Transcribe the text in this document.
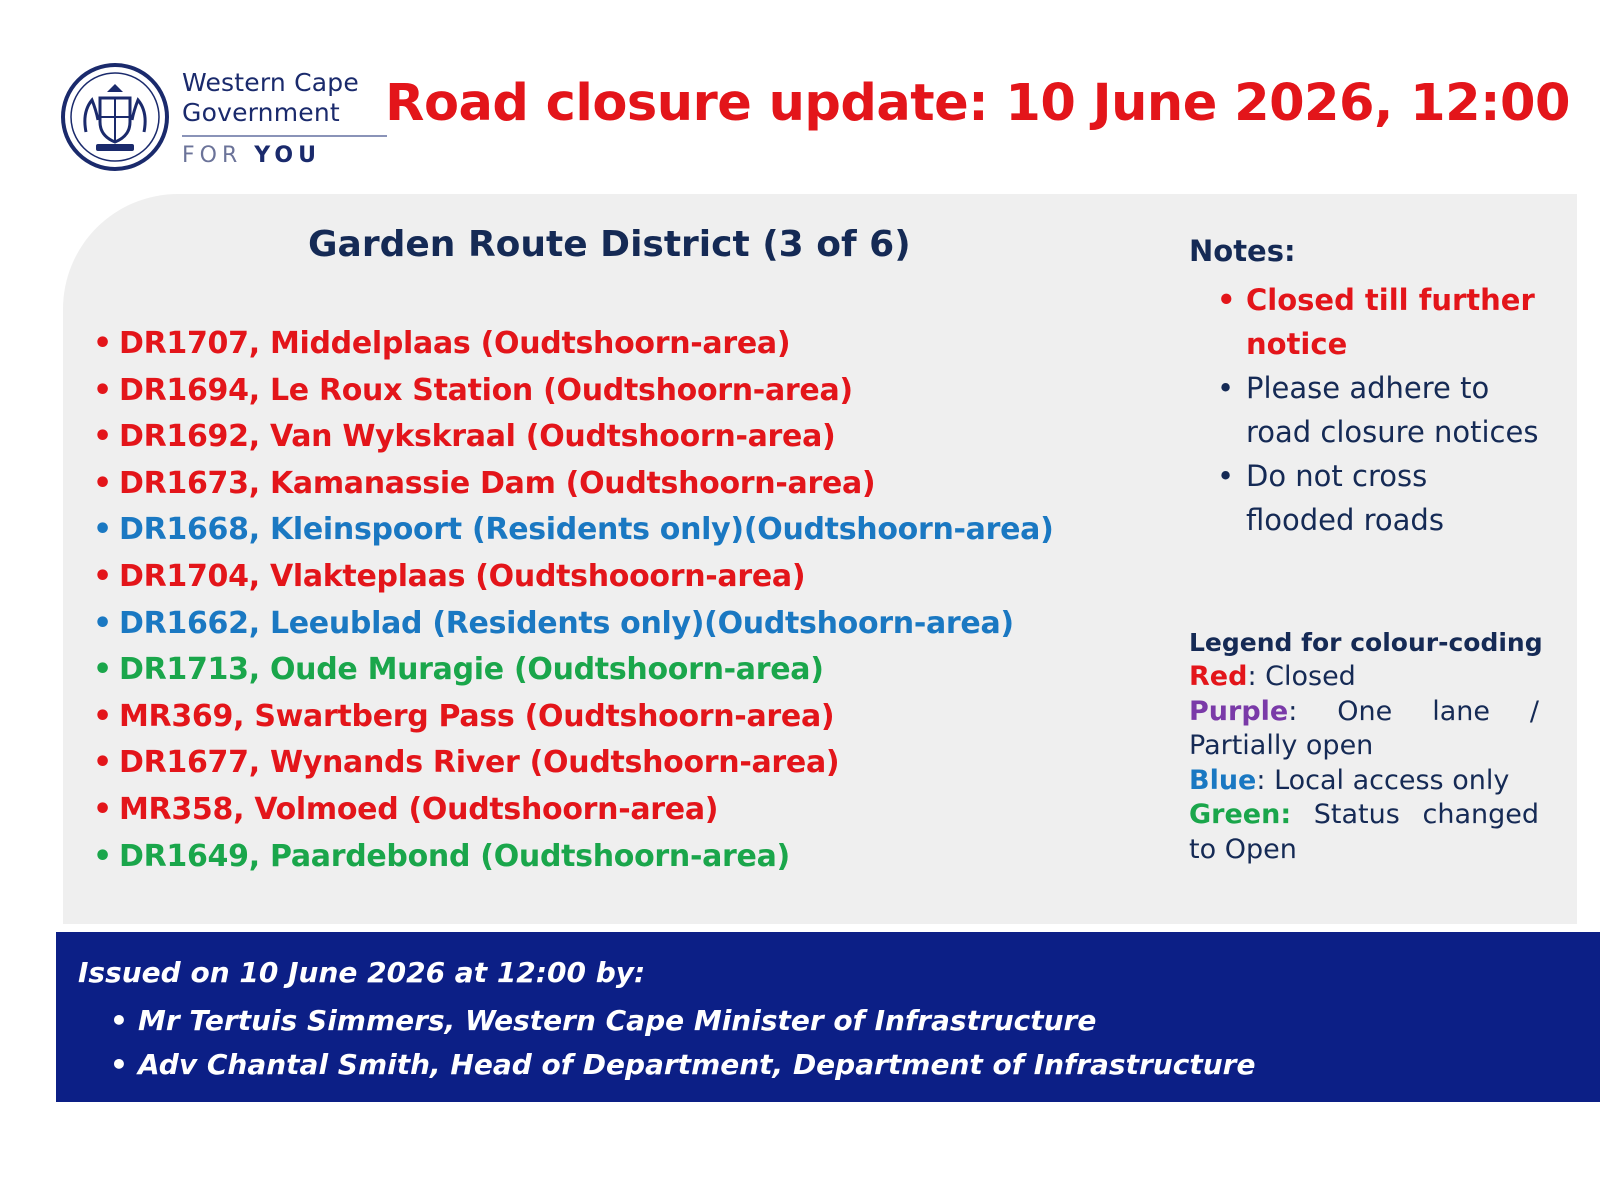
Western Cape
Government
FOR YOU
Road closure update: 10 June 2026, 12:00
Garden Route District (3 of 6)
• DR1707, Middelplaas (Oudtshoorn-area)
• DR1694, Le Roux Station (Oudtshoorn-area)
• DR1692, Van Wykskraal (Oudtshoorn-area)
• DR1673, Kamanassie Dam (Oudtshoorn-area)
• DR1668, Kleinspoort (Residents only)(Oudtshoorn-area)
• DR1704, Vlakteplaas (Oudtshooorn-area)
• DR1662, Leeublad (Residents only)(Oudtshoorn-area)
• DR1713, Oude Muragie (Oudtshoorn-area)
• MR369, Swartberg Pass (Oudtshoorn-area)
• DR1677, Wynands River (Oudtshoorn-area)
• MR358, Volmoed (Oudtshoorn-area)
• DR1649, Paardebond (Oudtshoorn-area)
Notes:
• Closed till further notice
• Please adhere to road closure notices
• Do not cross flooded roads
Legend for colour-coding
Red: Closed
Purple: One lane / Partially open
Blue: Local access only
Green: Status changed to Open
Issued on 10 June 2026 at 12:00 by:
• Mr Tertuis Simmers, Western Cape Minister of Infrastructure
• Adv Chantal Smith, Head of Department, Department of Infrastructure
